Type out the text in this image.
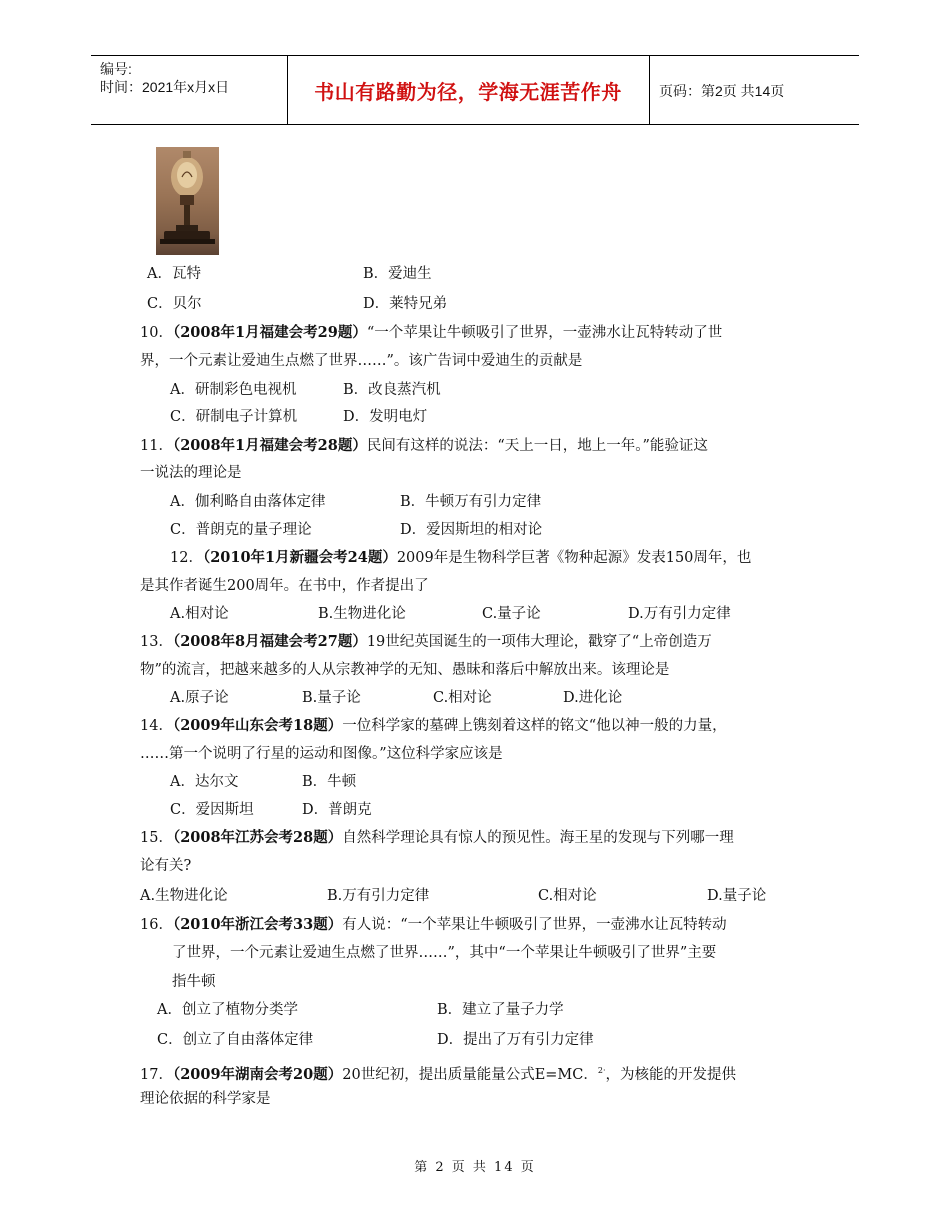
编号:
时间：2021年x月x日	书山有路勤为径，学海无涯苦作舟	页码：第2页 共14页
A．瓦特	B．爱迪生
C．贝尔	D．莱特兄弟
10．（2008年1月福建会考29题）“一个苹果让牛顿吸引了世界，一壶沸水让瓦特转动了世
界，一个元素让爱迪生点燃了世界……”。该广告词中爱迪生的贡献是
A．研制彩色电视机	B．改良蒸汽机
C．研制电子计算机	D．发明电灯
11．（2008年1月福建会考28题）民间有这样的说法：“天上一日，地上一年。”能验证这
一说法的理论是
A．伽利略自由落体定律	B．牛顿万有引力定律
C．普朗克的量子理论	D．爱因斯坦的相对论
12．（2010年1月新疆会考24题）2009年是生物科学巨著《物种起源》发表150周年，也
是其作者诞生200周年。在书中，作者提出了
A.相对论	B.生物进化论	C.量子论	D.万有引力定律
13．（2008年8月福建会考27题）19世纪英国诞生的一项伟大理论，戳穿了“上帝创造万
物”的流言，把越来越多的人从宗教神学的无知、愚昧和落后中解放出来。该理论是
A.原子论	B.量子论	C.相对论	D.进化论
14．（2009年山东会考18题）一位科学家的墓碑上镌刻着这样的铭文“他以神一般的力量，
……第一个说明了行星的运动和图像。”这位科学家应该是
A．达尔文	B．牛顿
C．爱因斯坦	D．普朗克
15．（2008年江苏会考28题）自然科学理论具有惊人的预见性。海王星的发现与下列哪一理
论有关?
A.生物进化论	B.万有引力定律	C.相对论	D.量子论
16．（2010年浙江会考33题）有人说：“一个苹果让牛顿吸引了世界，一壶沸水让瓦特转动
了世界，一个元素让爱迪生点燃了世界……”，其中“一个苹果让牛顿吸引了世界”主要
指牛顿
A．创立了植物分类学	B．建立了量子力学
C．创立了自由落体定律	D．提出了万有引力定律
17．（2009年湖南会考20题）20世纪初，提出质量能量公式E=MC．$^{2\cdot}$，为核能的开发提供
理论依据的科学家是
第 2 页 共 14 页
